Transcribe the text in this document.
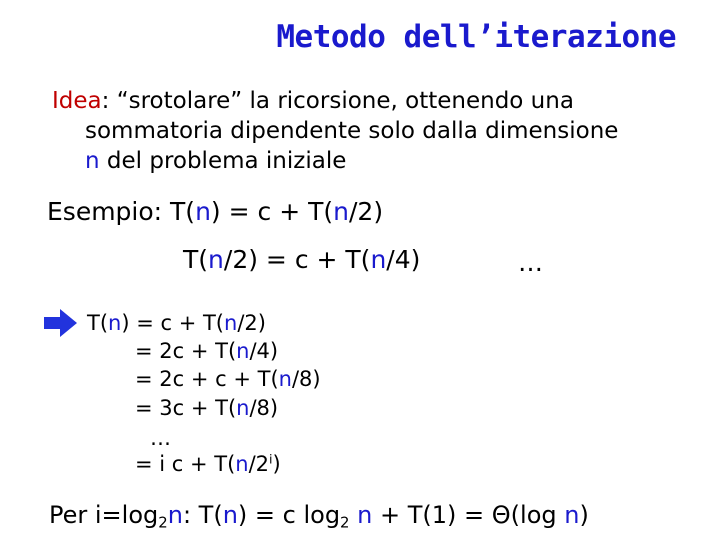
Metodo dell’iterazione
Idea: “srotolare” la ricorsione, ottenendo una
sommatoria dipendente solo dalla dimensione
n del problema iniziale
Esempio: T(n) = c + T(n/2)
T(n/2) = c + T(n/4)	…
T(n) = c + T(n/2)
= 2c + T(n/4)
= 2c + c + T(n/8)
= 3c + T(n/8)
…
= i $c + T(n/2^i)$
Per $i=\log_2n$: T(n) = c $\log_2 n + T(1) = \Theta(\log$ n)
